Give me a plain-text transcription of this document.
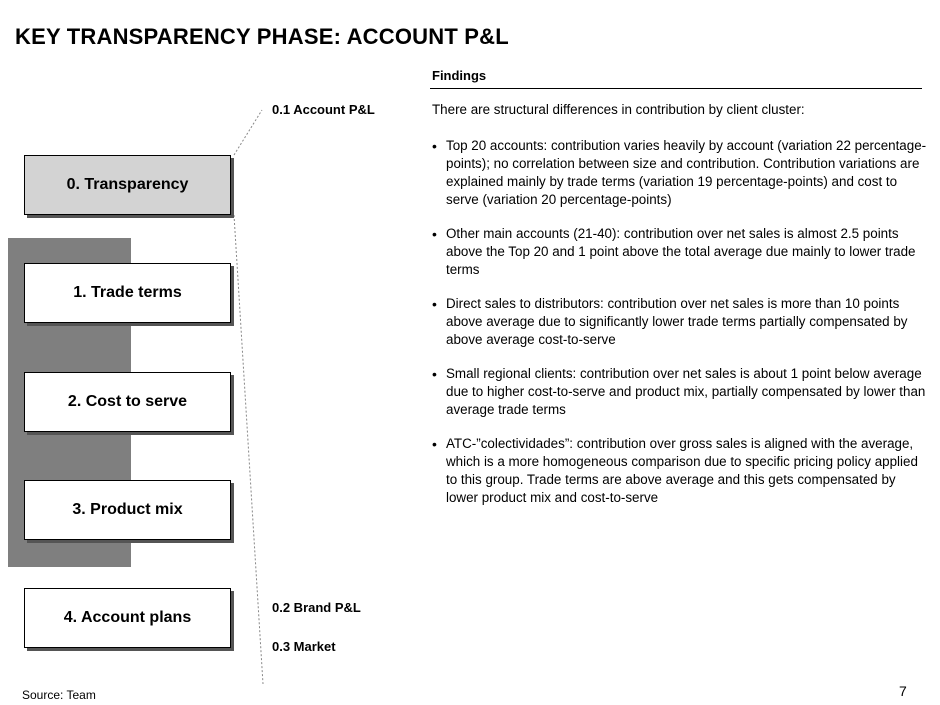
KEY TRANSPARENCY PHASE: ACCOUNT P&L
Findings
0. Transparency
1. Trade terms
2. Cost to serve
3. Product mix
4. Account plans
0.1 Account P&L
0.2 Brand P&L
0.3 Market
There are structural differences in contribution by client cluster:
• Top 20 accounts: contribution varies heavily by account (variation 22 percentage-points); no correlation between size and contribution. Contribution variations are explained mainly by trade terms (variation 19 percentage-points) and cost to serve (variation 20 percentage-points)
• Other main accounts (21-40): contribution over net sales is almost 2.5 points above the Top 20 and 1 point above the total average due mainly to lower trade terms
• Direct sales to distributors: contribution over net sales is more than 10 points above average due to significantly lower trade terms partially compensated by above average cost-to-serve
• Small regional clients: contribution over net sales is about 1 point below average due to higher cost-to-serve and product mix, partially compensated by lower than average trade terms
• ATC-”colectividades”: contribution over gross sales is aligned with the average, which is a more homogeneous comparison due to specific pricing policy applied to this group. Trade terms are above average and this gets compensated by lower product mix and cost-to-serve
Source: Team	7
